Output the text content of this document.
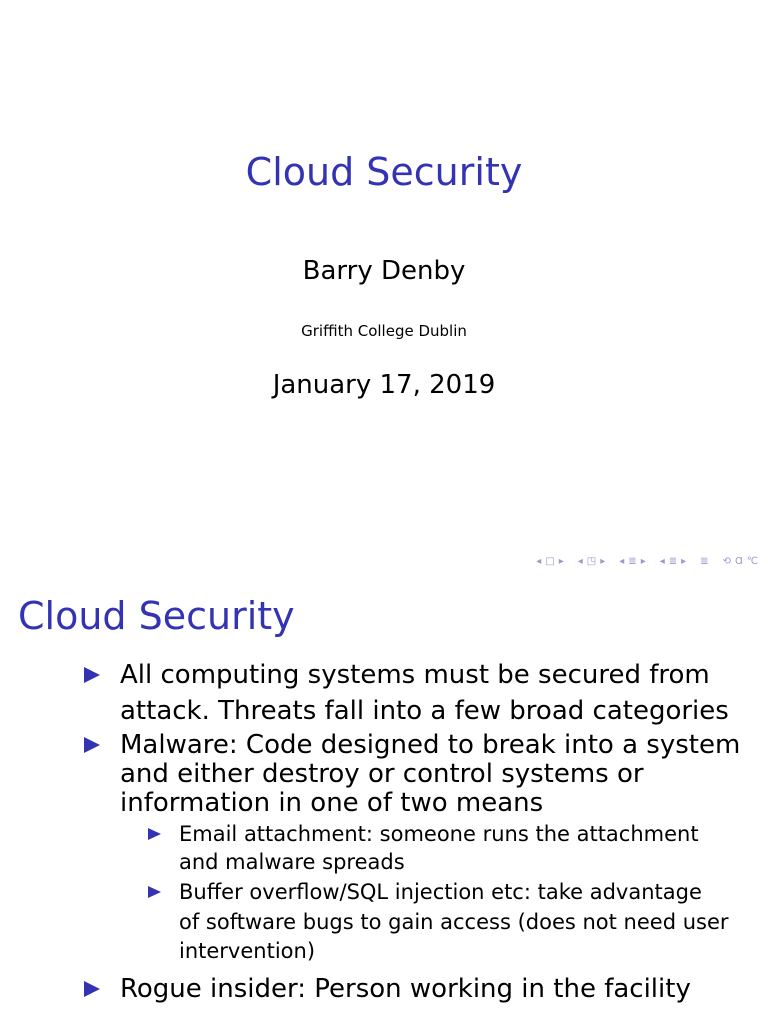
Cloud Security
Barry Denby
Griffith College Dublin
January 17, 2019
◂ □ ▸ ◂ ◳ ▸ ◂ ≣ ▸ ◂ ≣ ▸ ≣ ⟲ Ɑ ℃
Cloud Security
All computing systems must be secured from
attack. Threats fall into a few broad categories
Malware: Code designed to break into a system
and either destroy or control systems or
information in one of two means
Email attachment: someone runs the attachment
and malware spreads
Buffer overflow/SQL injection etc: take advantage
of software bugs to gain access (does not need user
intervention)
Rogue insider: Person working in the facility
